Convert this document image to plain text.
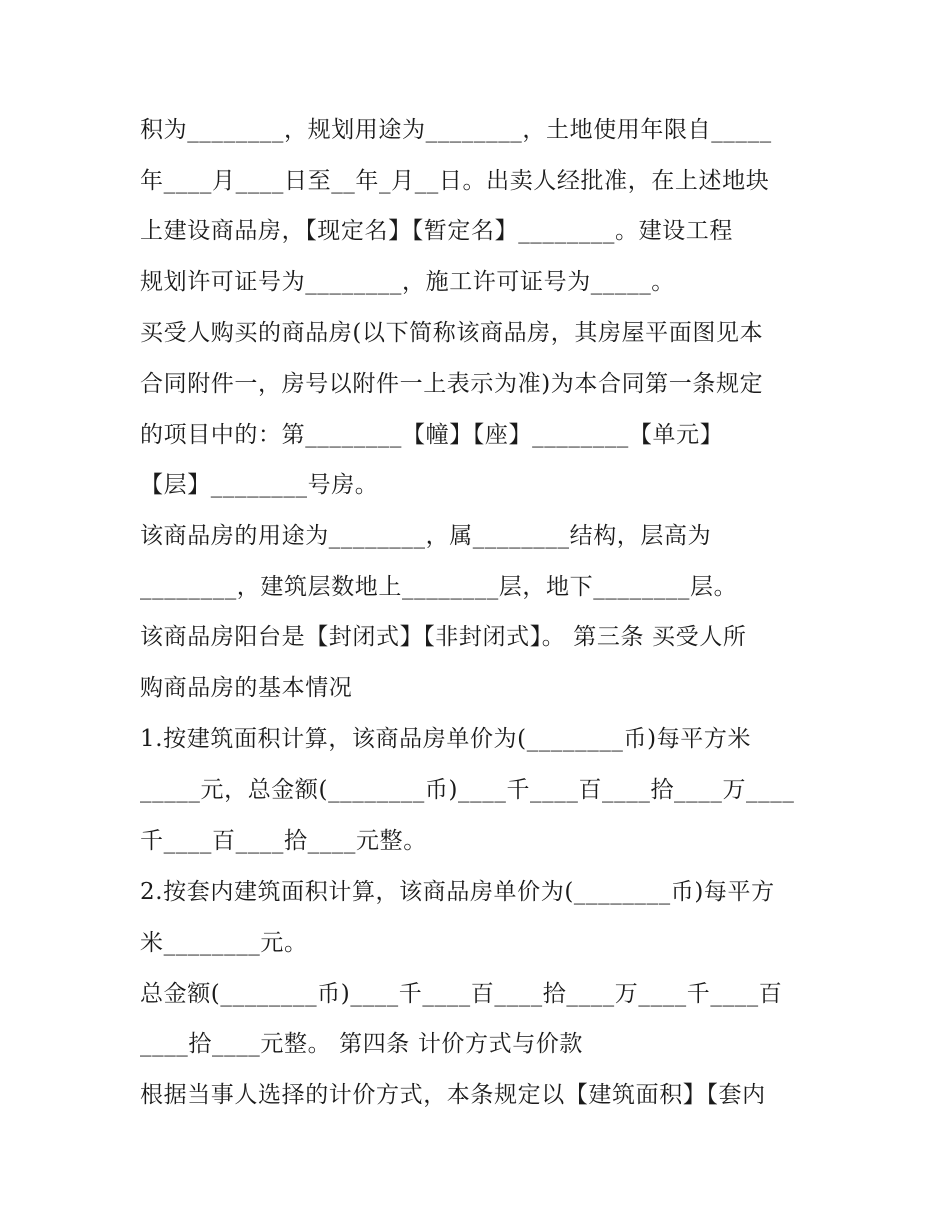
积为________，规划用途为________，土地使用年限自_____
年____月____日至__年_月__日。出卖人经批准，在上述地块
上建设商品房，【现定名】【暂定名】________。建设工程
规划许可证号为________，施工许可证号为_____。
买受人购买的商品房(以下简称该商品房，其房屋平面图见本
合同附件一，房号以附件一上表示为准)为本合同第一条规定
的项目中的：第________【幢】【座】________【单元】
【层】________号房。
该商品房的用途为________，属________结构，层高为
________，建筑层数地上________层，地下________层。
该商品房阳台是【封闭式】【非封闭式】。 第三条 买受人所
购商品房的基本情况
1.按建筑面积计算，该商品房单价为(________币)每平方米
_____元，总金额(________币)____千____百____拾____万____
千____百____拾____元整。
2.按套内建筑面积计算，该商品房单价为(________币)每平方
米________元。
总金额(________币)____千____百____拾____万____千____百
____拾____元整。 第四条 计价方式与价款
根据当事人选择的计价方式，本条规定以【建筑面积】【套内
